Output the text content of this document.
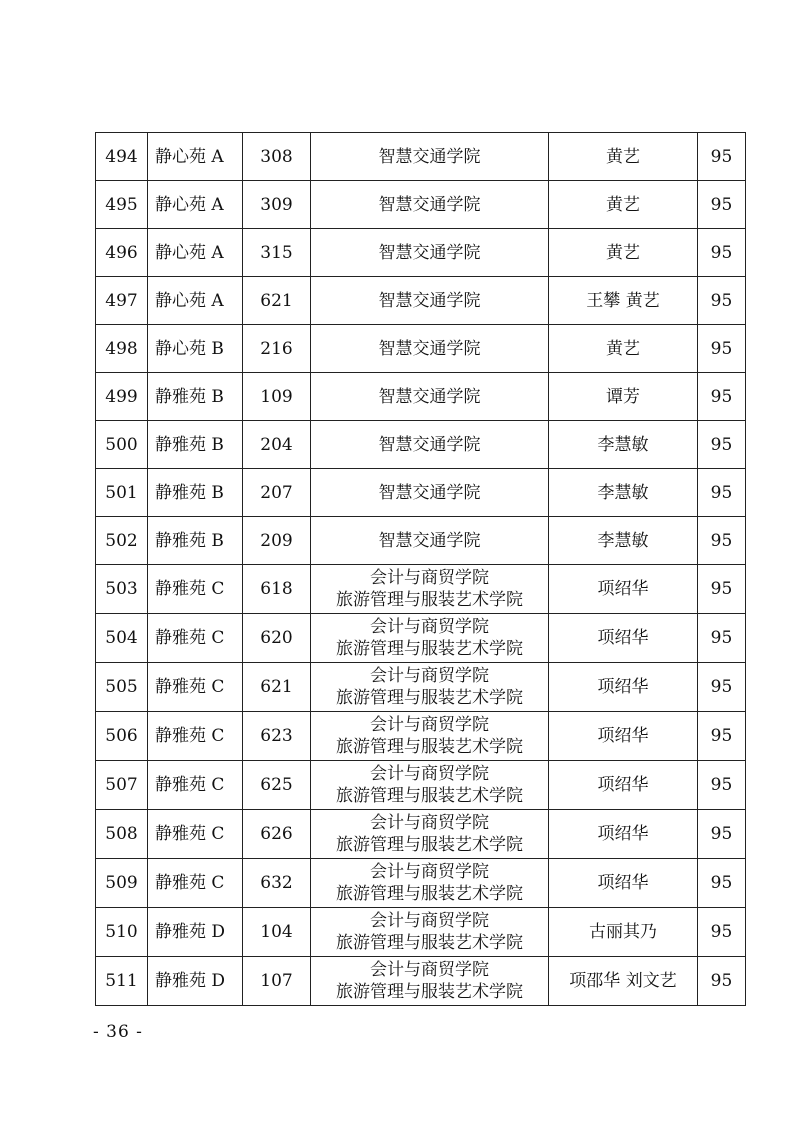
494	静心苑 A	308	智慧交通学院	黄艺	95
495	静心苑 A	309	智慧交通学院	黄艺	95
496	静心苑 A	315	智慧交通学院	黄艺	95
497	静心苑 A	621	智慧交通学院	王攀 黄艺	95
498	静心苑 B	216	智慧交通学院	黄艺	95
499	静雅苑 B	109	智慧交通学院	谭芳	95
500	静雅苑 B	204	智慧交通学院	李慧敏	95
501	静雅苑 B	207	智慧交通学院	李慧敏	95
502	静雅苑 B	209	智慧交通学院	李慧敏	95
503	静雅苑 C	618	会计与商贸学院
旅游管理与服装艺术学院	项绍华	95
504	静雅苑 C	620	会计与商贸学院
旅游管理与服装艺术学院	项绍华	95
505	静雅苑 C	621	会计与商贸学院
旅游管理与服装艺术学院	项绍华	95
506	静雅苑 C	623	会计与商贸学院
旅游管理与服装艺术学院	项绍华	95
507	静雅苑 C	625	会计与商贸学院
旅游管理与服装艺术学院	项绍华	95
508	静雅苑 C	626	会计与商贸学院
旅游管理与服装艺术学院	项绍华	95
509	静雅苑 C	632	会计与商贸学院
旅游管理与服装艺术学院	项绍华	95
510	静雅苑 D	104	会计与商贸学院
旅游管理与服装艺术学院	古丽其乃	95
511	静雅苑 D	107	会计与商贸学院
旅游管理与服装艺术学院	项邵华 刘文艺	95
- 36 -
